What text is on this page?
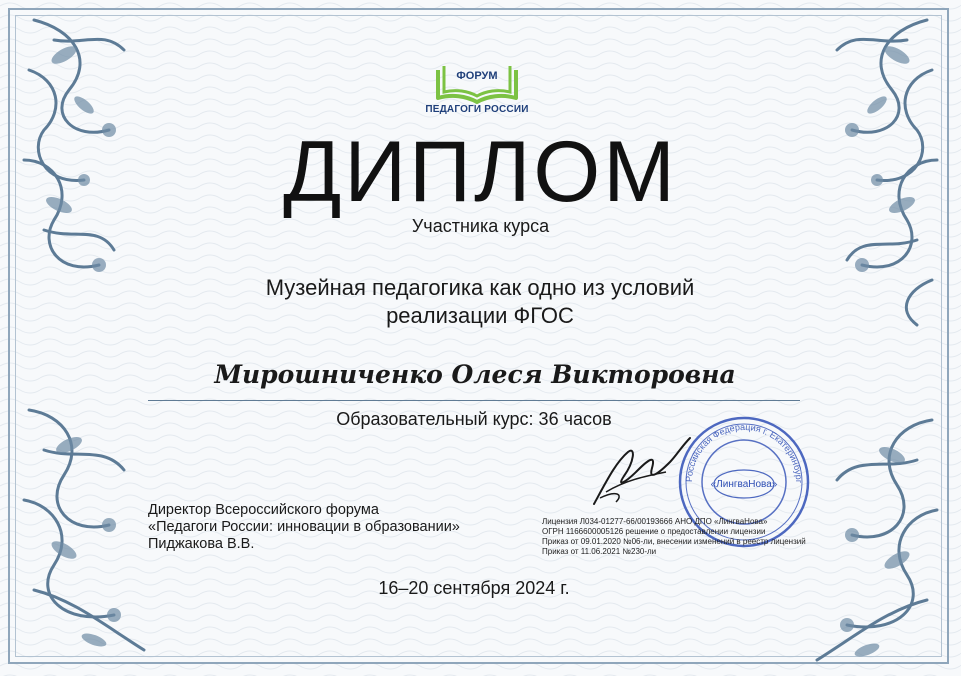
ФОРУМ
ПЕДАГОГИ РОССИИ
ДИПЛОМ
Участника курса
Музейная педагогика как одно из условий
реализации ФГОС
Мирошниченко Олеся Викторовна
Образовательный курс: 36 часов
Директор Всероссийского форума
«Педагоги России: инновации в образовании»
Пиджакова В.В.
Российская Федерация г. Екатеринбург
«ЛингваНова»
Лицензия Л034-01277-66/00193666 АНО ДПО «ЛингваНова»
ОГРН 1166600005126 решение о предоставлении лицензии
Приказ от 09.01.2020 №06-ли, внесении изменений в реестр лицензий
Приказ от 11.06.2021 №230-ли
16–20 сентября 2024 г.
